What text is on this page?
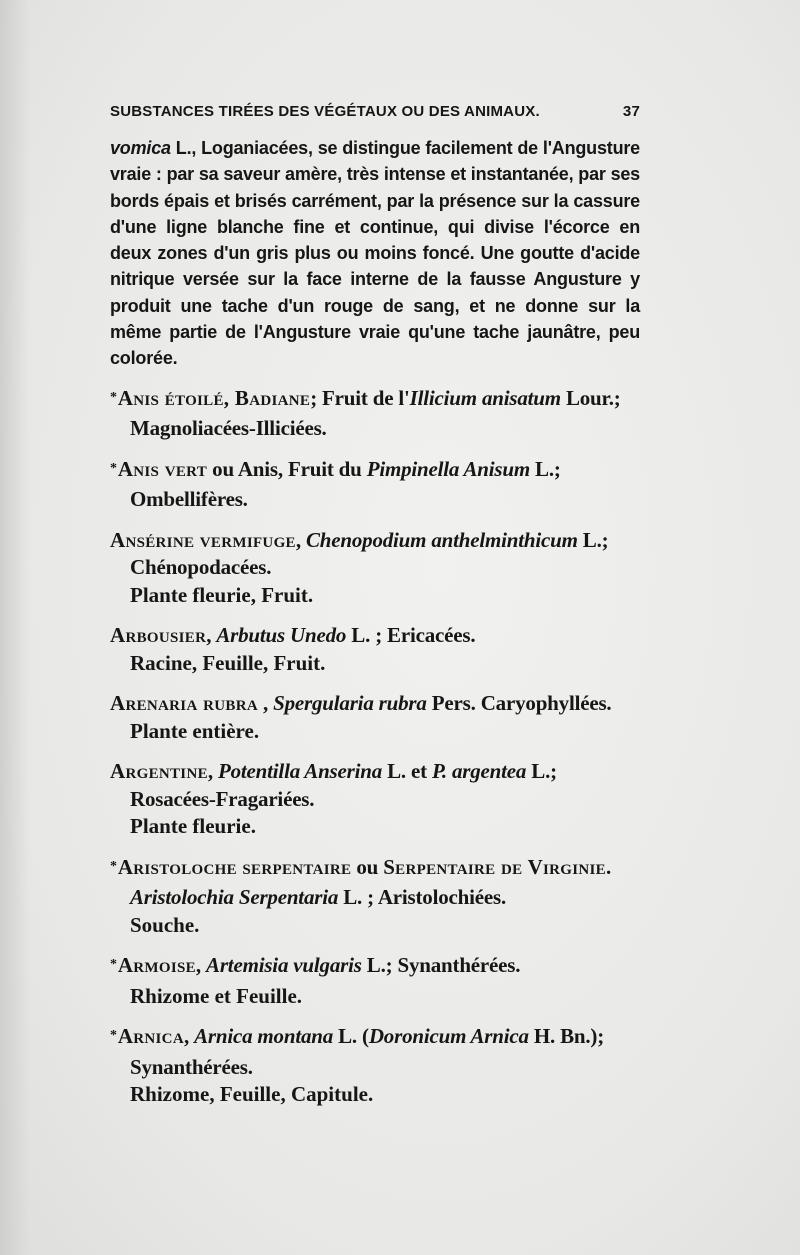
SUBSTANCES TIRÉES DES VÉGÉTAUX OU DES ANIMAUX.	37

vomica L., Loganiacées, se distingue facilement de l'Angusture vraie : par sa saveur amère, très intense et instantanée, par ses bords épais et brisés carrément, par la présence sur la cassure d'une ligne blanche fine et continue, qui divise l'écorce en deux zones d'un gris plus ou moins foncé. Une goutte d'acide nitrique versée sur la face interne de la fausse Angusture y produit une tache d'un rouge de sang, et ne donne sur la même partie de l'Angusture vraie qu'une tache jaunâtre, peu colorée.

*Anis étoilé, Badiane; Fruit de l'Illicium anisatum Lour.; Magnoliacées-Illiciées.
*Anis vert ou Anis, Fruit du Pimpinella Anisum L.; Ombellifères.
Ansérine vermifuge, Chenopodium anthelminthicum L.; Chénopodacées.
Plante fleurie, Fruit.
Arbousier, Arbutus Unedo L. ; Ericacées.
Racine, Feuille, Fruit.
Arenaria rubra , Spergularia rubra Pers. Caryophyllées.
Plante entière.
Argentine, Potentilla Anserina L. et P. argentea L.; Rosacées-Fragariées.
Plante fleurie.
*Aristoloche serpentaire ou Serpentaire de Virginie. Aristolochia Serpentaria L. ; Aristolochiées.
Souche.
*Armoise, Artemisia vulgaris L.; Synanthérées.
Rhizome et Feuille.
*Arnica, Arnica montana L. (Doronicum Arnica H. Bn.); Synanthérées.
Rhizome, Feuille, Capitule.
